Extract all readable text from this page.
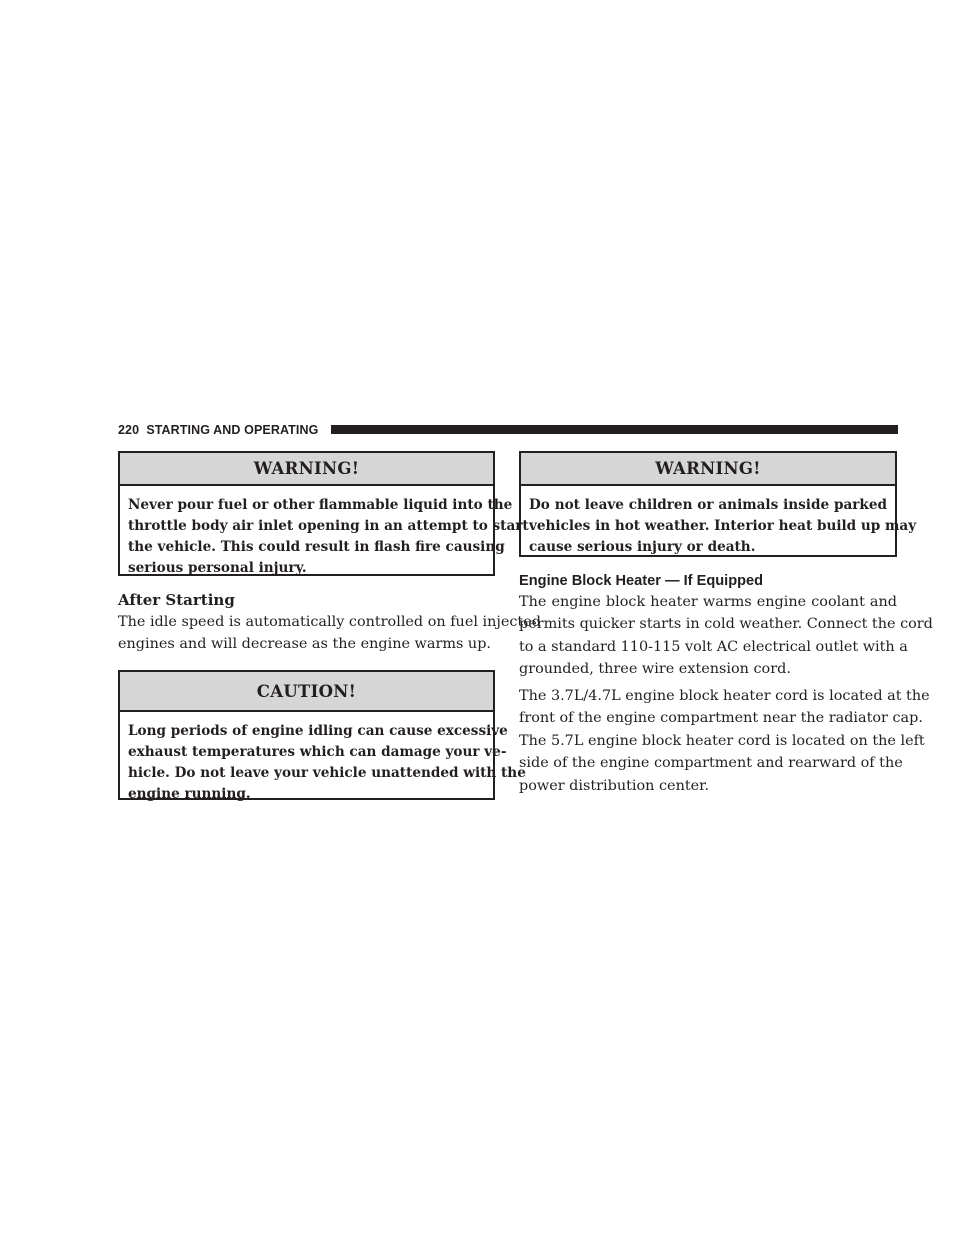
220 STARTING AND OPERATING
WARNING!
Never pour fuel or other flammable liquid into the
throttle body air inlet opening in an attempt to start
the vehicle. This could result in flash fire causing
serious personal injury.
After Starting
The idle speed is automatically controlled on fuel injected
engines and will decrease as the engine warms up.
CAUTION!
Long periods of engine idling can cause excessive
exhaust temperatures which can damage your ve-
hicle. Do not leave your vehicle unattended with the
engine running.
WARNING!
Do not leave children or animals inside parked
vehicles in hot weather. Interior heat build up may
cause serious injury or death.
Engine Block Heater — If Equipped
The engine block heater warms engine coolant and
permits quicker starts in cold weather. Connect the cord
to a standard 110-115 volt AC electrical outlet with a
grounded, three wire extension cord.
The 3.7L/4.7L engine block heater cord is located at the
front of the engine compartment near the radiator cap.
The 5.7L engine block heater cord is located on the left
side of the engine compartment and rearward of the
power distribution center.
